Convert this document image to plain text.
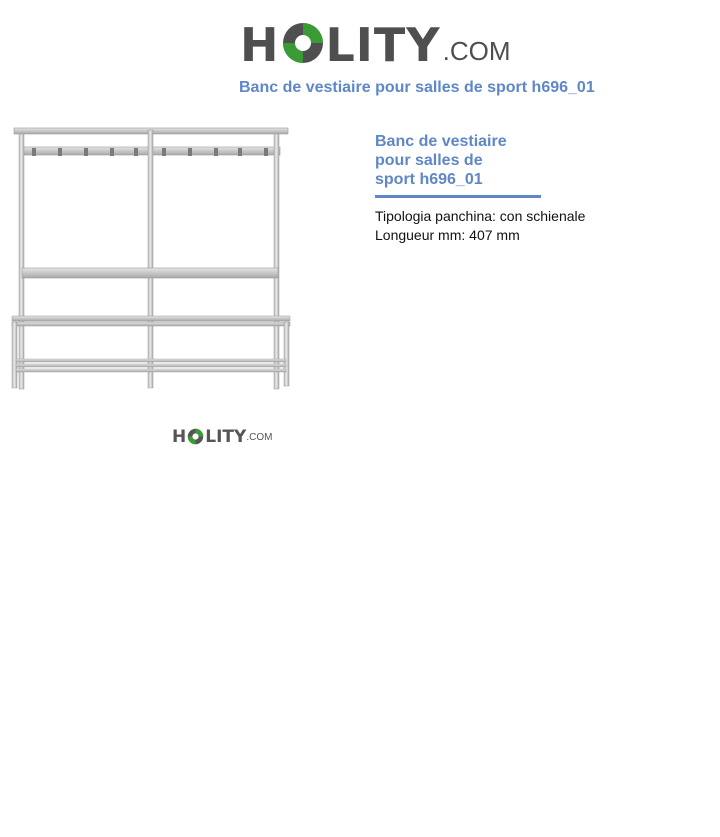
H LITY .COM
Banc de vestiaire pour salles de sport h696_01
H LITY .COM
Banc de vestiaire pour salles de sport h696_01
Tipologia panchina: con schienale
Longueur mm: 407 mm
